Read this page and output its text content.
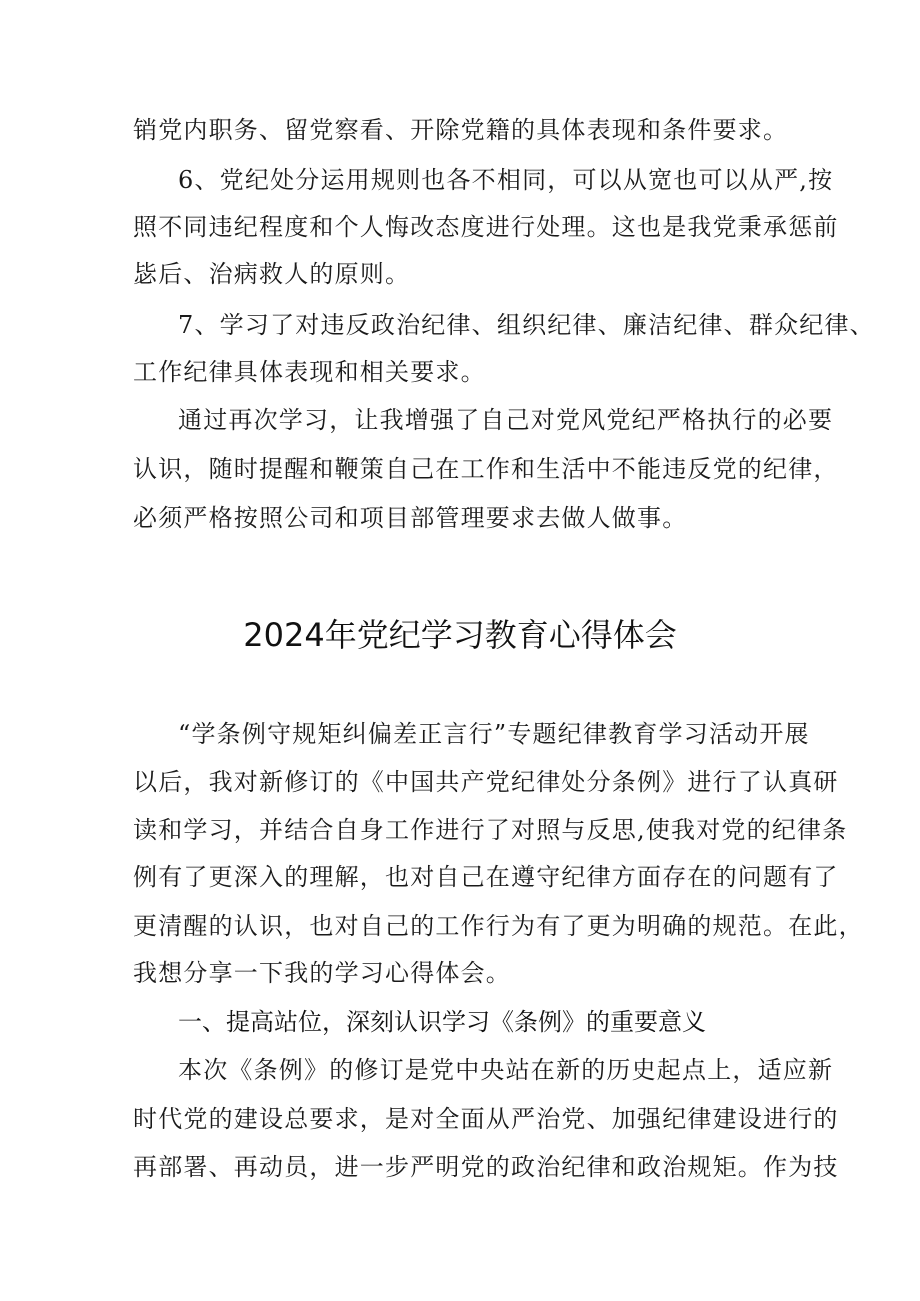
销党内职务、留党察看、开除党籍的具体表现和条件要求。
6、党纪处分运用规则也各不相同，可以从宽也可以从严,按
照不同违纪程度和个人悔改态度进行处理。这也是我党秉承惩前
毖后、治病救人的原则。
7、学习了对违反政治纪律、组织纪律、廉洁纪律、群众纪律、
工作纪律具体表现和相关要求。
通过再次学习，让我增强了自己对党风党纪严格执行的必要
认识，随时提醒和鞭策自己在工作和生活中不能违反党的纪律，
必须严格按照公司和项目部管理要求去做人做事。
2024年党纪学习教育心得体会
“学条例守规矩纠偏差正言行”专题纪律教育学习活动开展
以后，我对新修订的《中国共产党纪律处分条例》进行了认真研
读和学习，并结合自身工作进行了对照与反思,使我对党的纪律条
例有了更深入的理解，也对自己在遵守纪律方面存在的问题有了
更清醒的认识，也对自己的工作行为有了更为明确的规范。在此，
我想分享一下我的学习心得体会。
一、提高站位，深刻认识学习《条例》的重要意义
本次《条例》的修订是党中央站在新的历史起点上，适应新
时代党的建设总要求，是对全面从严治党、加强纪律建设进行的
再部署、再动员，进一步严明党的政治纪律和政治规矩。作为技
